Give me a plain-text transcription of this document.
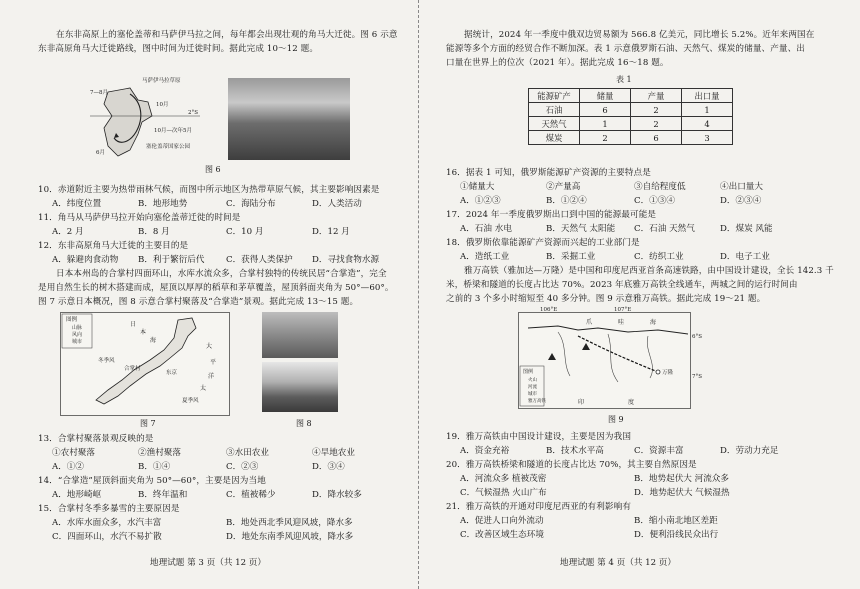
在东非高原上的塞伦盖蒂和马萨伊马拉之间，每年都会出现壮观的角马大迁徙。图 6 示意
东非高原角马大迁徙路线，图中时间为迁徙时间。据此完成 10～12 题。
马萨伊马拉草原
7—8月
10月
2°S
10月—次年5月
塞伦盖蒂国家公园
6月
图 6
10．赤道附近主要为热带雨林气候，而图中所示地区为热带草原气候，其主要影响因素是
A．纬度位置	B．地形地势	C．海陆分布	D．人类活动
11．角马从马萨伊马拉开始向塞伦盖蒂迁徙的时间是
A．2 月	B．8 月	C．10 月	D．12 月
12．东非高原角马大迁徙的主要目的是
A．躲避肉食动物 B．利于繁衍后代	C．获得人类保护 D．寻找食物水源
日本本州岛的合掌村四面环山，水库水流众多，合掌村独特的传统民居“合掌造”，完全
是用自然生长的树木搭建而成，屋顶以厚厚的稻草和茅草覆盖，屋顶斜面夹角为 50°—60°。
图 7 示意日本概况，图 8 示意合掌村聚落及“合掌造”景观。据此完成 13～15 题。
图例
山脉
风向
城市
日
本
海
冬季风
合掌村
大
平
洋
夏季风
太
东京
图 7	图 8
13．合掌村聚落景观反映的是
①农村聚落	②渔村聚落	③水田农业	④旱地农业
A．①②	B．①④	C．②③	D．③④
14．“合掌造”屋顶斜面夹角为 50°—60°，主要是因为当地
A．地形崎岖	B．终年温和	C．植被稀少	D．降水较多
15．合掌村冬季多暴雪的主要原因是
A．水库水面众多，水汽丰富	B．地处西北季风迎风坡，降水多
C．四面环山，水汽不易扩散	D．地处东南季风迎风坡，降水多
地理试题 第 3 页（共 12 页）
据统计，2024 年一季度中俄双边贸易额为 566.8 亿美元，同比增长 5.2%。近年来两国在
能源等多个方面的经贸合作不断加深。表 1 示意俄罗斯石油、天然气、煤炭的储量、产量、出
口量在世界上的位次（2021 年）。据此完成 16～18 题。
表 1
能源矿产	储量	产量	出口量
石油	6	2	1
天然气	1	2	4
煤炭	2	6	3
16．据表 1 可知，俄罗斯能源矿产资源的主要特点是
①储量大	②产量高	③自给程度低	④出口量大
A．①②③	B．①②④	C．①③④	D．②③④
17．2024 年一季度俄罗斯出口到中国的能源最可能是
A．石油 水电	B．天然气 太阳能 C．石油 天然气	D．煤炭 风能
18．俄罗斯依靠能源矿产资源而兴起的工业部门是
A．造纸工业	B．采掘工业	C．纺织工业	D．电子工业
雅万高铁（雅加达—万隆）是中国和印度尼西亚首条高速铁路，由中国设计建设，全长 142.3 千
米，桥梁和隧道的长度占比达 70%。2023 年底雅万高铁全线通车，两城之间的运行时间由
之前的 3 个多小时缩短至 40 多分钟。图 9 示意雅万高铁。据此完成 19～21 题。
106°E	107°E
爪	哇	海
6°S
7°S
万隆
印	度
图例
火山
河流
城市
雅万高铁
图 9
19．雅万高铁由中国设计建设，主要是因为我国
A．资金充裕	B．技术水平高	C．资源丰富	D．劳动力充足
20．雅万高铁桥梁和隧道的长度占比达 70%，其主要自然原因是
A．河流众多 植被茂密	B．地势起伏大 河流众多
C．气候湿热 火山广布	D．地势起伏大 气候湿热
21．雅万高铁的开通对印度尼西亚的有利影响有
A．促进人口向外流动	B．缩小南北地区差距
C．改善区域生态环境	D．便利沿线民众出行
地理试题 第 4 页（共 12 页）
